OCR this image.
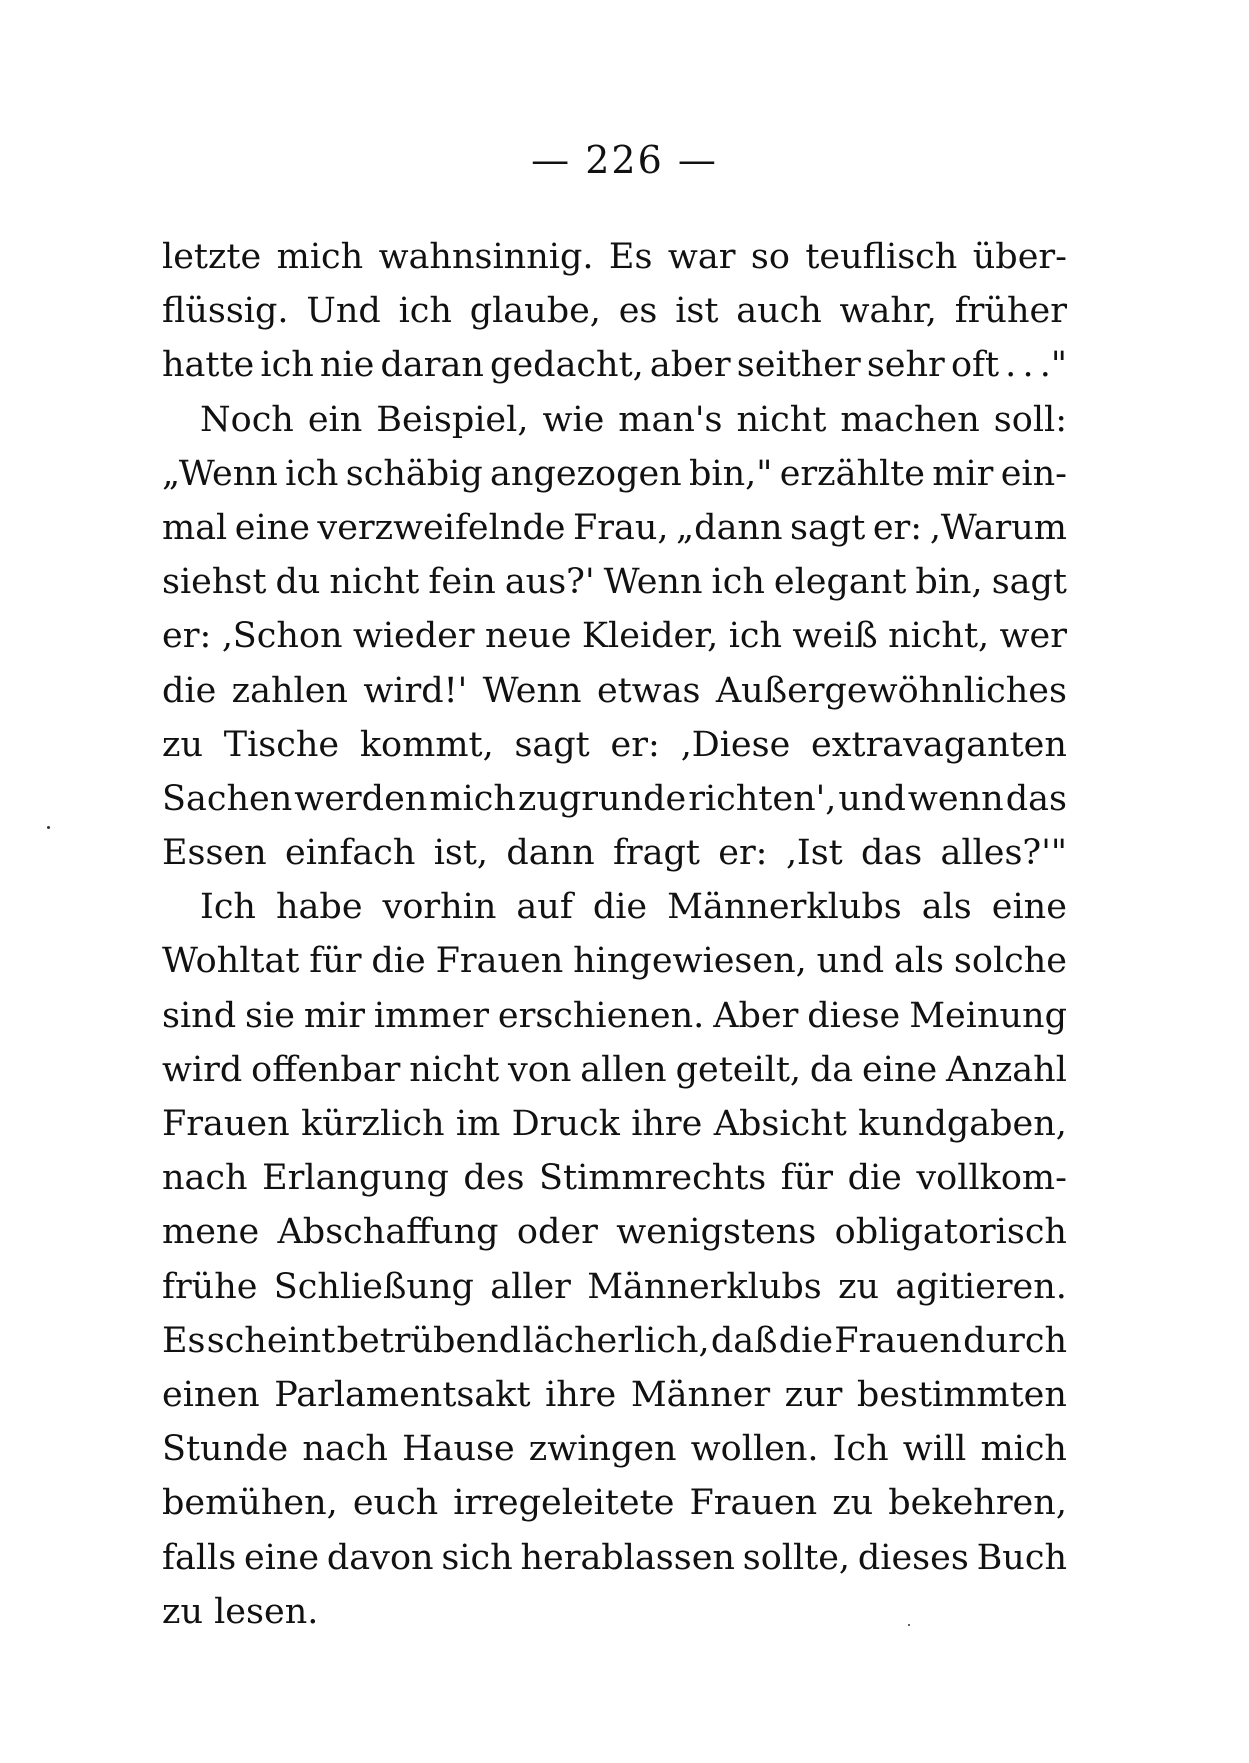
— 226 —
letzte mich wahnsinnig. Es war so teuflisch über-
flüssig. Und ich glaube, es ist auch wahr, früher
hatte ich nie daran gedacht, aber seither sehr oft . . ."
Noch ein Beispiel, wie man's nicht machen soll:
„Wenn ich schäbig angezogen bin," erzählte mir ein-
mal eine verzweifelnde Frau, „dann sagt er: ‚Warum
siehst du nicht fein aus?' Wenn ich elegant bin, sagt
er: ‚Schon wieder neue Kleider, ich weiß nicht, wer
die zahlen wird!' Wenn etwas Außergewöhnliches
zu Tische kommt, sagt er: ‚Diese extravaganten
Sachen werden mich zugrunde richten', und wenn das
Essen einfach ist, dann fragt er: ‚Ist das alles?'"
Ich habe vorhin auf die Männerklubs als eine
Wohltat für die Frauen hingewiesen, und als solche
sind sie mir immer erschienen. Aber diese Meinung
wird offenbar nicht von allen geteilt, da eine Anzahl
Frauen kürzlich im Druck ihre Absicht kundgaben,
nach Erlangung des Stimmrechts für die vollkom-
mene Abschaffung oder wenigstens obligatorisch
frühe Schließung aller Männerklubs zu agitieren.
Es scheint betrübend lächerlich, daß die Frauen durch
einen Parlamentsakt ihre Männer zur bestimmten
Stunde nach Hause zwingen wollen. Ich will mich
bemühen, euch irregeleitete Frauen zu bekehren,
falls eine davon sich herablassen sollte, dieses Buch
zu lesen.
